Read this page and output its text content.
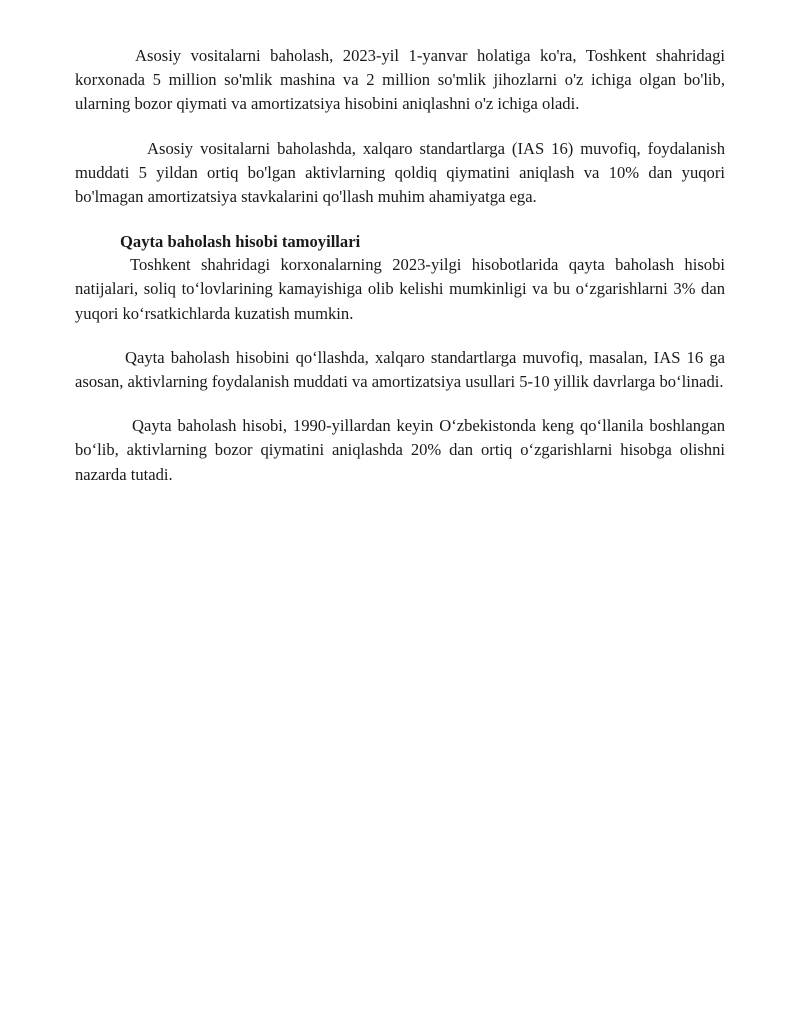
Asosiy vositalarni baholash, 2023-yil 1-yanvar holatiga ko'ra, Toshkent shahridagi korxonada 5 million so'mlik mashina va 2 million so'mlik jihozlarni o'z ichiga olgan bo'lib, ularning bozor qiymati va amortizatsiya hisobini aniqlashni o'z ichiga oladi.

Asosiy vositalarni baholashda, xalqaro standartlarga (IAS 16) muvofiq, foydalanish muddati 5 yildan ortiq bo'lgan aktivlarning qoldiq qiymatini aniqlash va 10% dan yuqori bo'lmagan amortizatsiya stavkalarini qo'llash muhim ahamiyatga ega.

Qayta baholash hisobi tamoyillari

Toshkent shahridagi korxonalarning 2023-yilgi hisobotlarida qayta baholash hisobi natijalari, soliq to‘lovlarining kamayishiga olib kelishi mumkinligi va bu o‘zgarishlarni 3% dan yuqori ko‘rsatkichlarda kuzatish mumkin.

Qayta baholash hisobini qo‘llashda, xalqaro standartlarga muvofiq, masalan, IAS 16 ga asosan, aktivlarning foydalanish muddati va amortizatsiya usullari 5-10 yillik davrlarga bo‘linadi.

Qayta baholash hisobi, 1990-yillardan keyin O‘zbekistonda keng qo‘llanila boshlangan bo‘lib, aktivlarning bozor qiymatini aniqlashda 20% dan ortiq o‘zgarishlarni hisobga olishni nazarda tutadi.
